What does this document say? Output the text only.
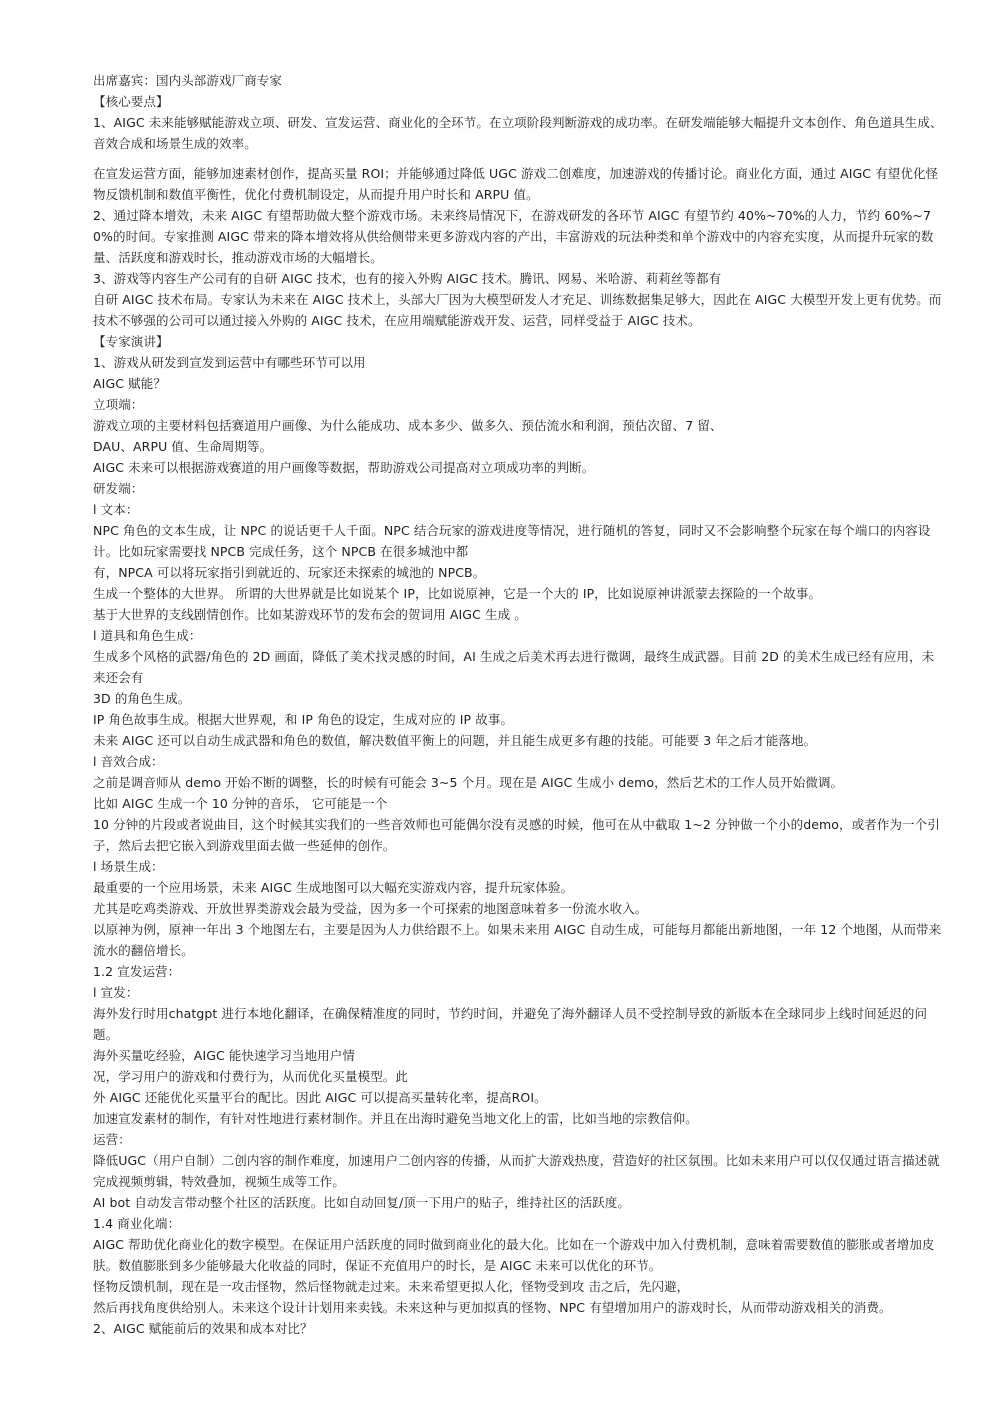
出席嘉宾：国内头部游戏厂商专家

【核心要点】

1、AIGC 未来能够赋能游戏立项、研发、宣发运营、商业化的全环节。在立项阶段判断游戏的成功率。在研发端能够大幅提升文本创作、角色道具生成、音效合成和场景生成的效率。

在宣发运营方面，能够加速素材创作，提高买量 ROI；并能够通过降低 UGC 游戏二创难度，加速游戏的传播讨论。商业化方面，通过 AIGC 有望优化怪物反馈机制和数值平衡性，优化付费机制设定，从而提升用户时长和 ARPU 值。

2、通过降本增效，未来 AIGC 有望帮助做大整个游戏市场。未来终局情况下，在游戏研发的各环节 AIGC 有望节约 40%~70%的人力，节约 60%~70%的时间。专家推测 AIGC 带来的降本增效将从供给侧带来更多游戏内容的产出，丰富游戏的玩法种类和单个游戏中的内容充实度，从而提升玩家的数量、活跃度和游戏时长，推动游戏市场的大幅增长。

3、游戏等内容生产公司有的自研 AIGC 技术，也有的接入外购 AIGC 技术。腾讯、网易、米哈游、莉莉丝等都有

自研 AIGC 技术布局。专家认为未来在 AIGC 技术上，头部大厂因为大模型研发人才充足、训练数据集足够大，因此在 AIGC 大模型开发上更有优势。而技术不够强的公司可以通过接入外购的 AIGC 技术，在应用端赋能游戏开发、运营，同样受益于 AIGC 技术。

【专家演讲】

1、游戏从研发到宣发到运营中有哪些环节可以用

AIGC 赋能？

立项端：

游戏立项的主要材料包括赛道用户画像、为什么能成功、成本多少、做多久、预估流水和利润，预估次留、7 留、

DAU、ARPU 值、生命周期等。

AIGC 未来可以根据游戏赛道的用户画像等数据，帮助游戏公司提高对立项成功率的判断。

研发端：

l 文本：

NPC 角色的文本生成，让 NPC 的说话更千人千面。NPC 结合玩家的游戏进度等情况，进行随机的答复，同时又不会影响整个玩家在每个端口的内容设计。比如玩家需要找 NPCB 完成任务，这个 NPCB 在很多城池中都

有，NPCA 可以将玩家指引到就近的、玩家还未探索的城池的 NPCB。

生成一个整体的大世界。 所谓的大世界就是比如说某个 IP，比如说原神，它是一个大的 IP，比如说原神讲派蒙去探险的一个故事。

基于大世界的支线剧情创作。比如某游戏环节的发布会的贺词用 AIGC 生成 。

l 道具和角色生成：

生成多个风格的武器/角色的 2D 画面，降低了美术找灵感的时间，AI 生成之后美术再去进行微调，最终生成武器。目前 2D 的美术生成已经有应用，未来还会有

3D 的角色生成。

IP 角色故事生成。根据大世界观，和 IP 角色的设定，生成对应的 IP 故事。

未来 AIGC 还可以自动生成武器和角色的数值，解决数值平衡上的问题，并且能生成更多有趣的技能。可能要 3 年之后才能落地。

l 音效合成：

之前是调音师从 demo 开始不断的调整，长的时候有可能会 3~5 个月。现在是 AIGC 生成小 demo，然后艺术的工作人员开始微调。

比如 AIGC 生成一个 10 分钟的音乐， 它可能是一个

10 分钟的片段或者说曲目，这个时候其实我们的一些音效师也可能偶尔没有灵感的时候，他可在从中截取 1~2 分钟做一个小的demo，或者作为一个引子，然后去把它嵌入到游戏里面去做一些延伸的创作。

l 场景生成：

最重要的一个应用场景，未来 AIGC 生成地图可以大幅充实游戏内容，提升玩家体验。

尤其是吃鸡类游戏、开放世界类游戏会最为受益，因为多一个可探索的地图意味着多一份流水收入。

以原神为例，原神一年出 3 个地图左右，主要是因为人力供给跟不上。如果未来用 AIGC 自动生成，可能每月都能出新地图，一年 12 个地图，从而带来流水的翻倍增长。

1.2 宣发运营：

l 宣发：

海外发行时用chatgpt 进行本地化翻译，在确保精准度的同时，节约时间，并避免了海外翻译人员不受控制导致的新版本在全球同步上线时间延迟的问题。

海外买量吃经验，AIGC 能快速学习当地用户情

况，学习用户的游戏和付费行为，从而优化买量模型。此

外 AIGC 还能优化买量平台的配比。因此 AIGC 可以提高买量转化率，提高ROI。

加速宣发素材的制作，有针对性地进行素材制作。并且在出海时避免当地文化上的雷，比如当地的宗教信仰。

运营：

降低UGC（用户自制）二创内容的制作难度，加速用户二创内容的传播，从而扩大游戏热度，营造好的社区氛围。比如未来用户可以仅仅通过语言描述就完成视频剪辑，特效叠加，视频生成等工作。

AI bot 自动发言带动整个社区的活跃度。比如自动回复/顶一下用户的贴子，维持社区的活跃度。

1.4 商业化端：

AIGC 帮助优化商业化的数字模型。在保证用户活跃度的同时做到商业化的最大化。比如在一个游戏中加入付费机制，意味着需要数值的膨胀或者增加皮肤。数值膨胀到多少能够最大化收益的同时，保证不充值用户的时长，是 AIGC 未来可以优化的环节。

怪物反馈机制，现在是一攻击怪物，然后怪物就走过来。未来希望更拟人化，怪物受到攻 击之后，先闪避，

然后再找角度供给别人。未来这个设计计划用来卖钱。未来这种与更加拟真的怪物、NPC 有望增加用户的游戏时长，从而带动游戏相关的消费。

2、AIGC 赋能前后的效果和成本对比？
